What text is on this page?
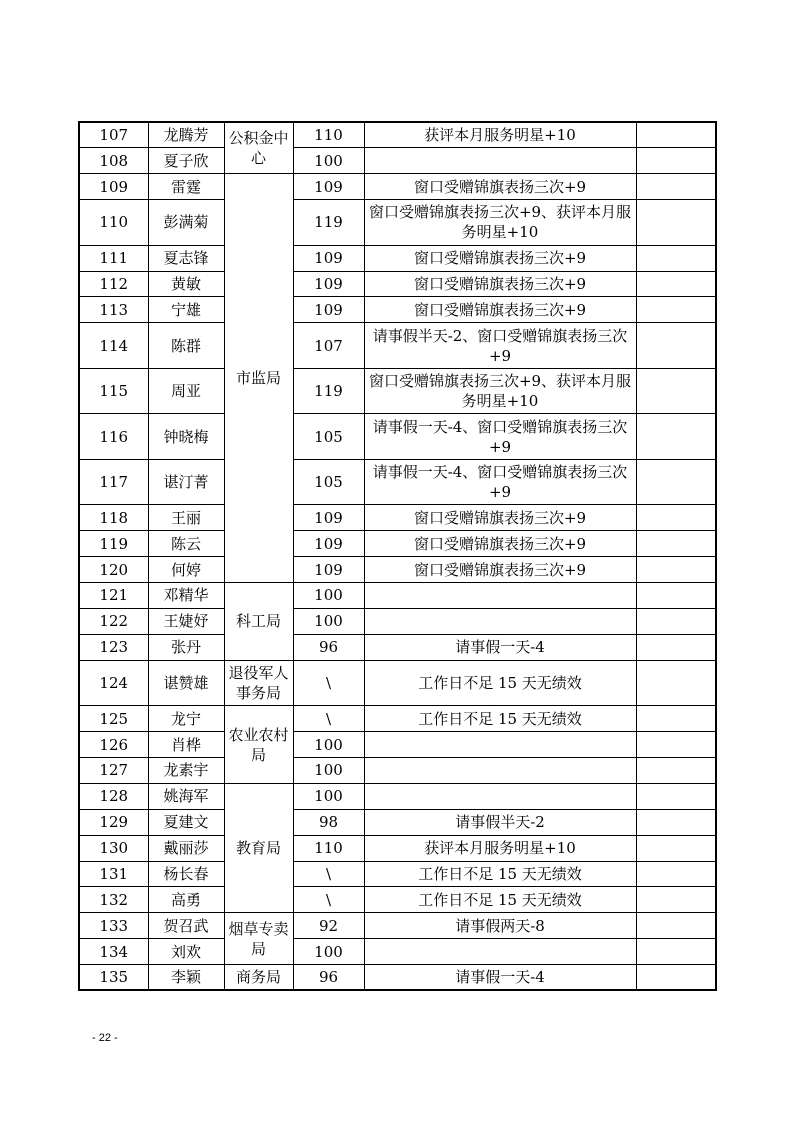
107	龙腾芳	公积金中心	110	获评本月服务明星+10	
108	夏子欣		100		
109	雷霆	市监局	109	窗口受赠锦旗表扬三次+9	
110	彭满菊		119	窗口受赠锦旗表扬三次+9、获评本月服务明星+10	
111	夏志锋		109	窗口受赠锦旗表扬三次+9	
112	黄敏		109	窗口受赠锦旗表扬三次+9	
113	宁雄		109	窗口受赠锦旗表扬三次+9	
114	陈群		107	请事假半天-2、窗口受赠锦旗表扬三次+9	
115	周亚		119	窗口受赠锦旗表扬三次+9、获评本月服务明星+10	
116	钟晓梅		105	请事假一天-4、窗口受赠锦旗表扬三次+9	
117	谌汀菁		105	请事假一天-4、窗口受赠锦旗表扬三次+9	
118	王丽		109	窗口受赠锦旗表扬三次+9	
119	陈云		109	窗口受赠锦旗表扬三次+9	
120	何婷		109	窗口受赠锦旗表扬三次+9	
121	邓精华	科工局	100		
122	王婕妤		100		
123	张丹		96	请事假一天-4	
124	谌赞雄	退役军人事务局	\	工作日不足 15 天无绩效	
125	龙宁	农业农村局	\	工作日不足 15 天无绩效	
126	肖桦		100		
127	龙素宇		100		
128	姚海军	教育局	100		
129	夏建文		98	请事假半天-2	
130	戴丽莎		110	获评本月服务明星+10	
131	杨长春		\	工作日不足 15 天无绩效	
132	高勇		\	工作日不足 15 天无绩效	
133	贺召武	烟草专卖局	92	请事假两天-8	
134	刘欢		100		
135	李颖	商务局	96	请事假一天-4	
- 22 -
